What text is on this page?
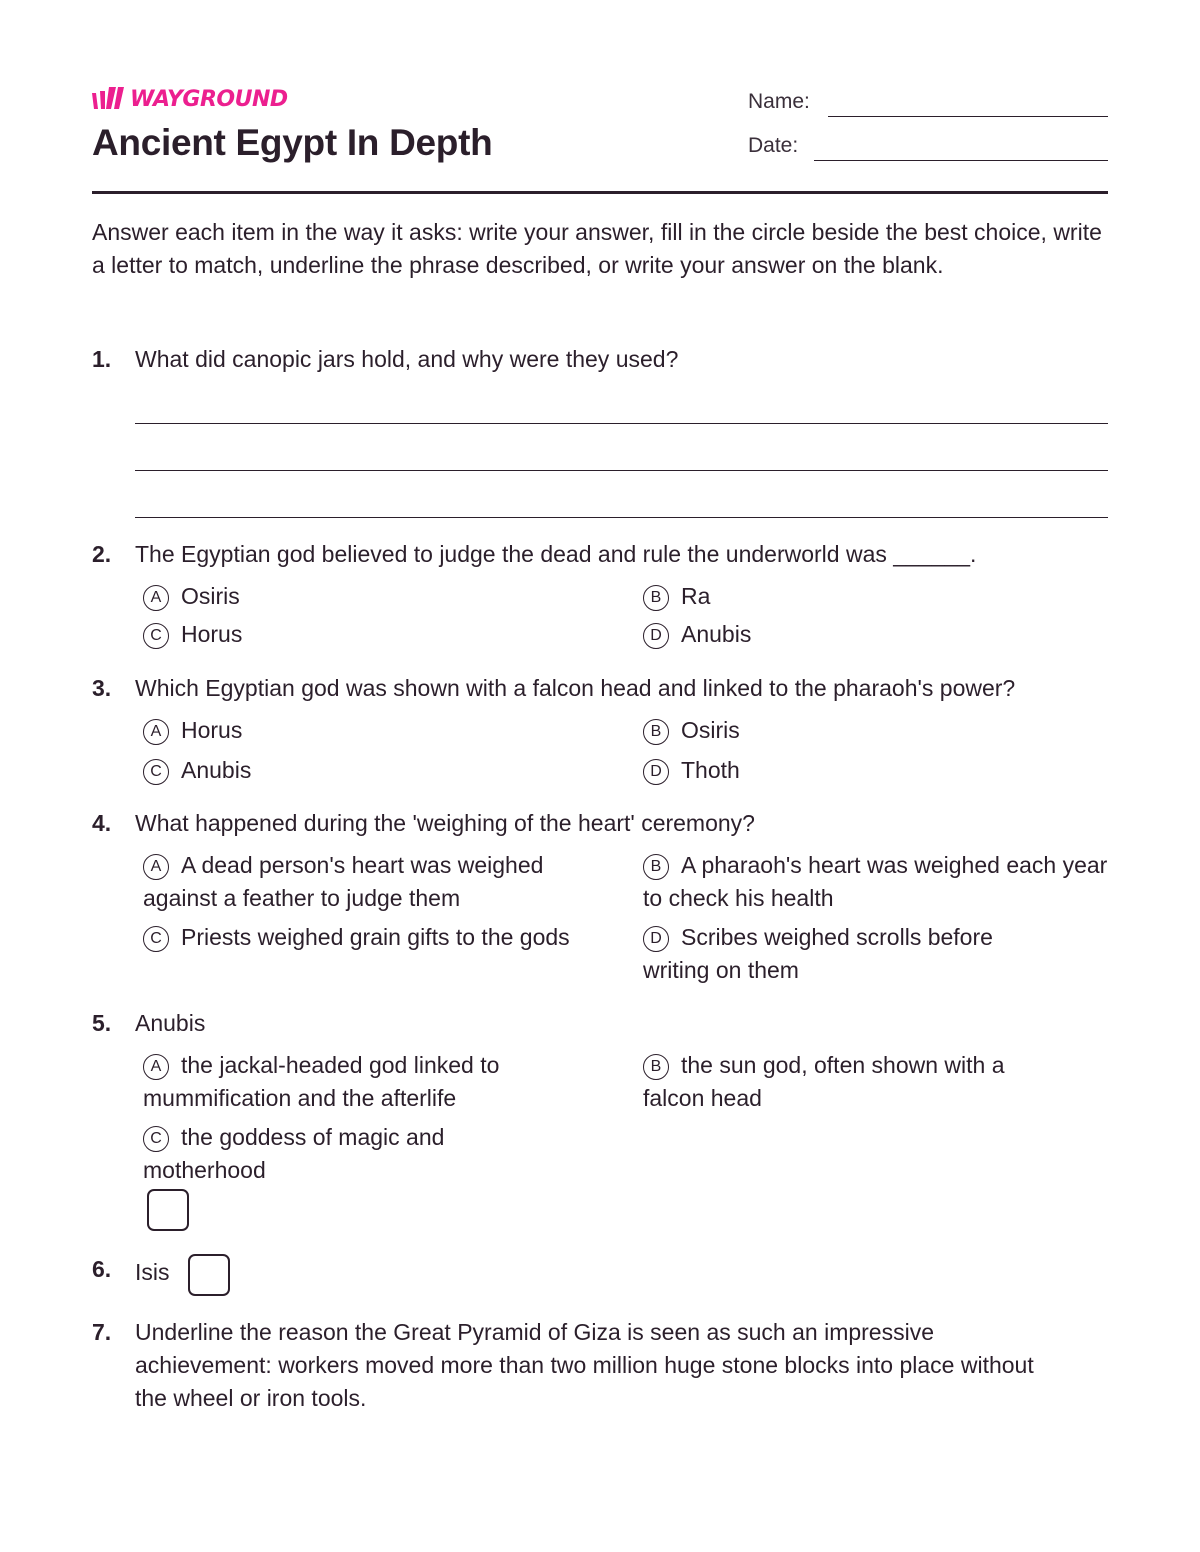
WAYGROUND
Ancient Egypt In Depth
Name:
Date:

Answer each item in the way it asks: write your answer, fill in the circle beside the best choice, write a letter to match, underline the phrase described, or write your answer on the blank.

1. What did canopic jars hold, and why were they used?
2. The Egyptian god believed to judge the dead and rule the underworld was ______.
A Osiris	B Ra
C Horus	D Anubis
3. Which Egyptian god was shown with a falcon head and linked to the pharaoh's power?
A Horus	B Osiris
C Anubis	D Thoth
4. What happened during the 'weighing of the heart' ceremony?
A A dead person's heart was weighed against a feather to judge them
B A pharaoh's heart was weighed each year to check his health
C Priests weighed grain gifts to the gods	D Scribes weighed scrolls before writing on them
5. Anubis
A the jackal-headed god linked to mummification and the afterlife
B the sun god, often shown with a falcon head
C the goddess of magic and motherhood
6. Isis
7. Underline the reason the Great Pyramid of Giza is seen as such an impressive achievement: workers moved more than two million huge stone blocks into place without the wheel or iron tools.
